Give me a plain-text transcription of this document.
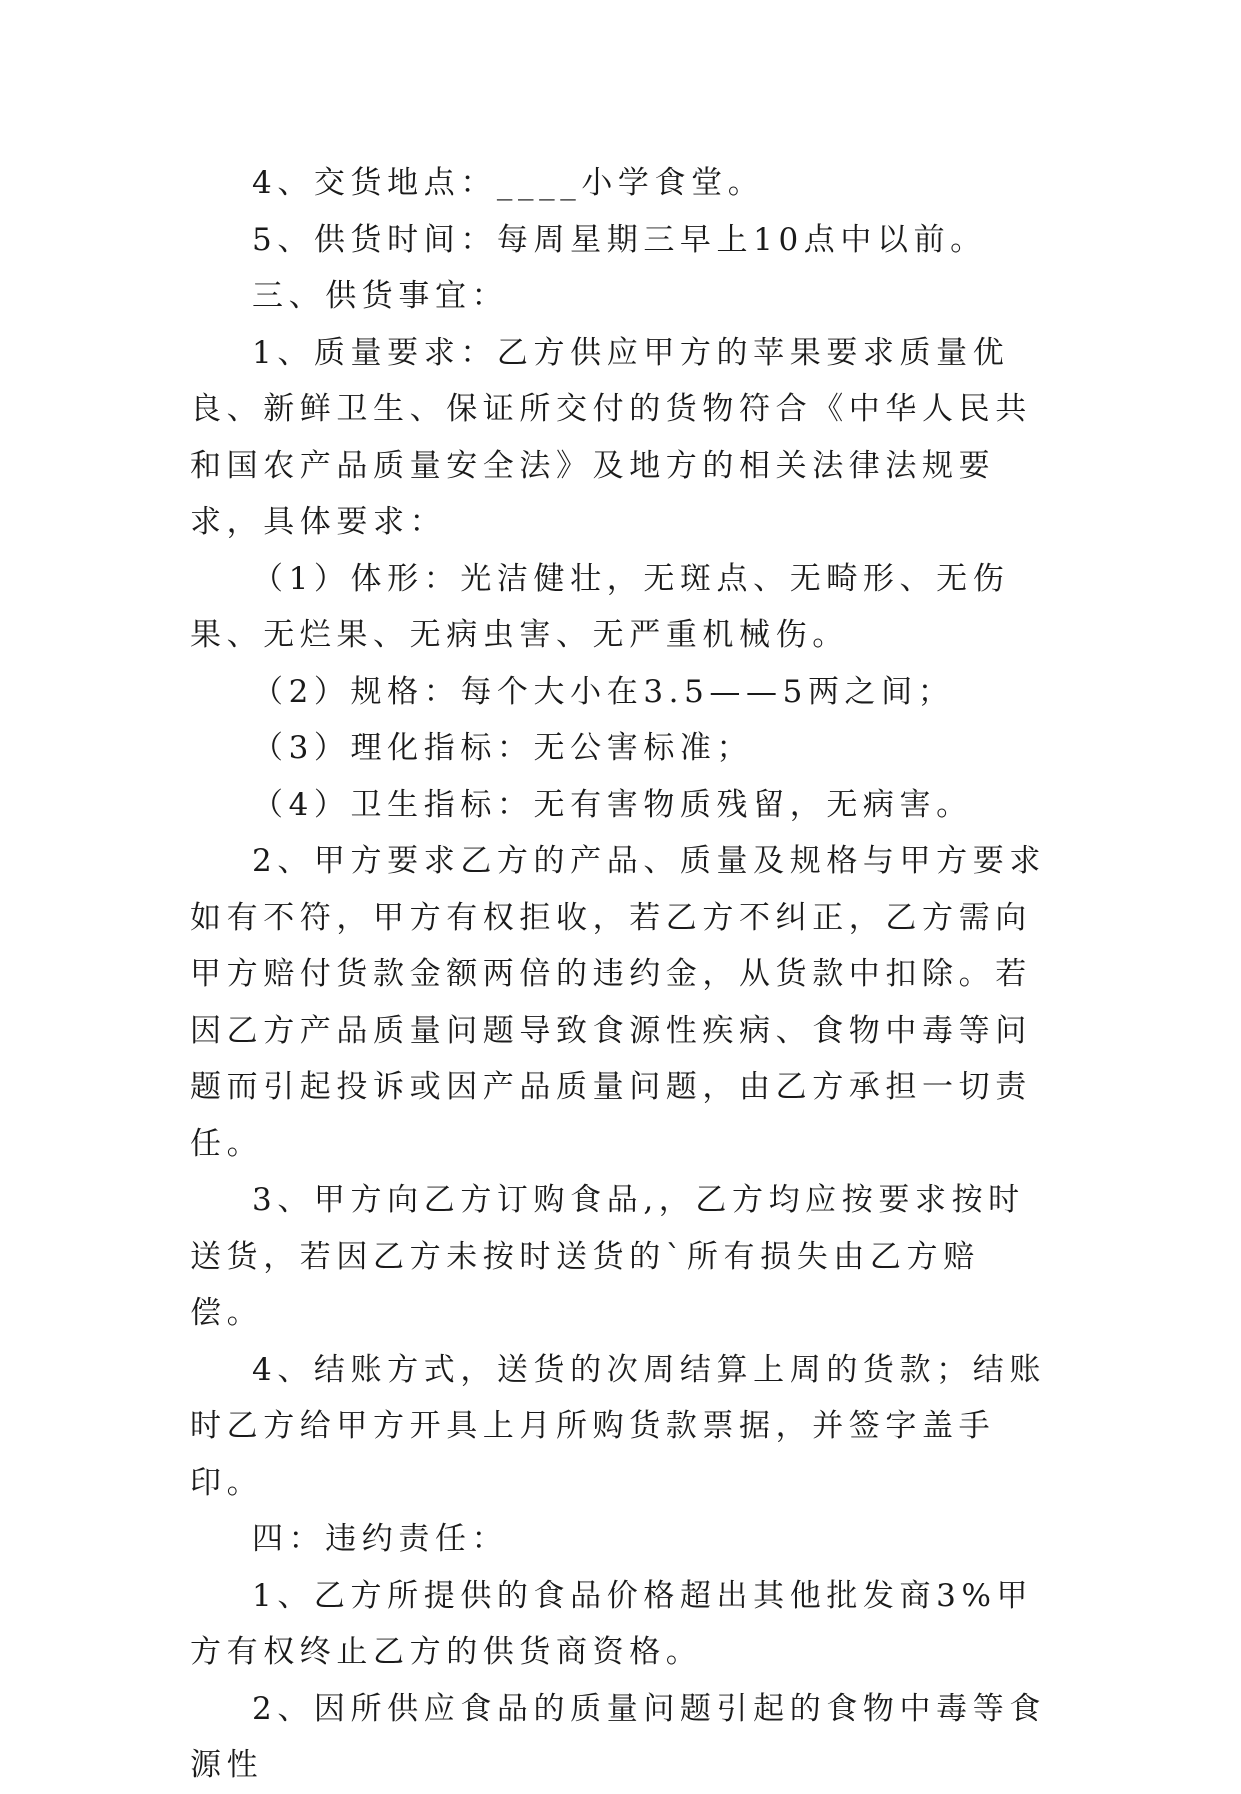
4、交货地点：____小学食堂。

5、供货时间：每周星期三早上10点中以前。

三、供货事宜：

1、质量要求：乙方供应甲方的苹果要求质量优良、新鲜卫生、保证所交付的货物符合《中华人民共和国农产品质量安全法》及地方的相关法律法规要求，具体要求：

（1）体形：光洁健壮，无斑点、无畸形、无伤果、无烂果、无病虫害、无严重机械伤。

（2）规格：每个大小在3.5——5两之间；

（3）理化指标：无公害标准；

（4）卫生指标：无有害物质残留，无病害。

2、甲方要求乙方的产品、质量及规格与甲方要求如有不符，甲方有权拒收，若乙方不纠正，乙方需向甲方赔付货款金额两倍的违约金，从货款中扣除。若因乙方产品质量问题导致食源性疾病、食物中毒等问题而引起投诉或因产品质量问题，由乙方承担一切责任。

3、甲方向乙方订购食品,，乙方均应按要求按时送货，若因乙方未按时送货的`所有损失由乙方赔偿。

4、结账方式，送货的次周结算上周的货款；结账时乙方给甲方开具上月所购货款票据，并签字盖手印。

四：违约责任：

1、乙方所提供的食品价格超出其他批发商3%甲方有权终止乙方的供货商资格。

2、因所供应食品的质量问题引起的食物中毒等食源性
